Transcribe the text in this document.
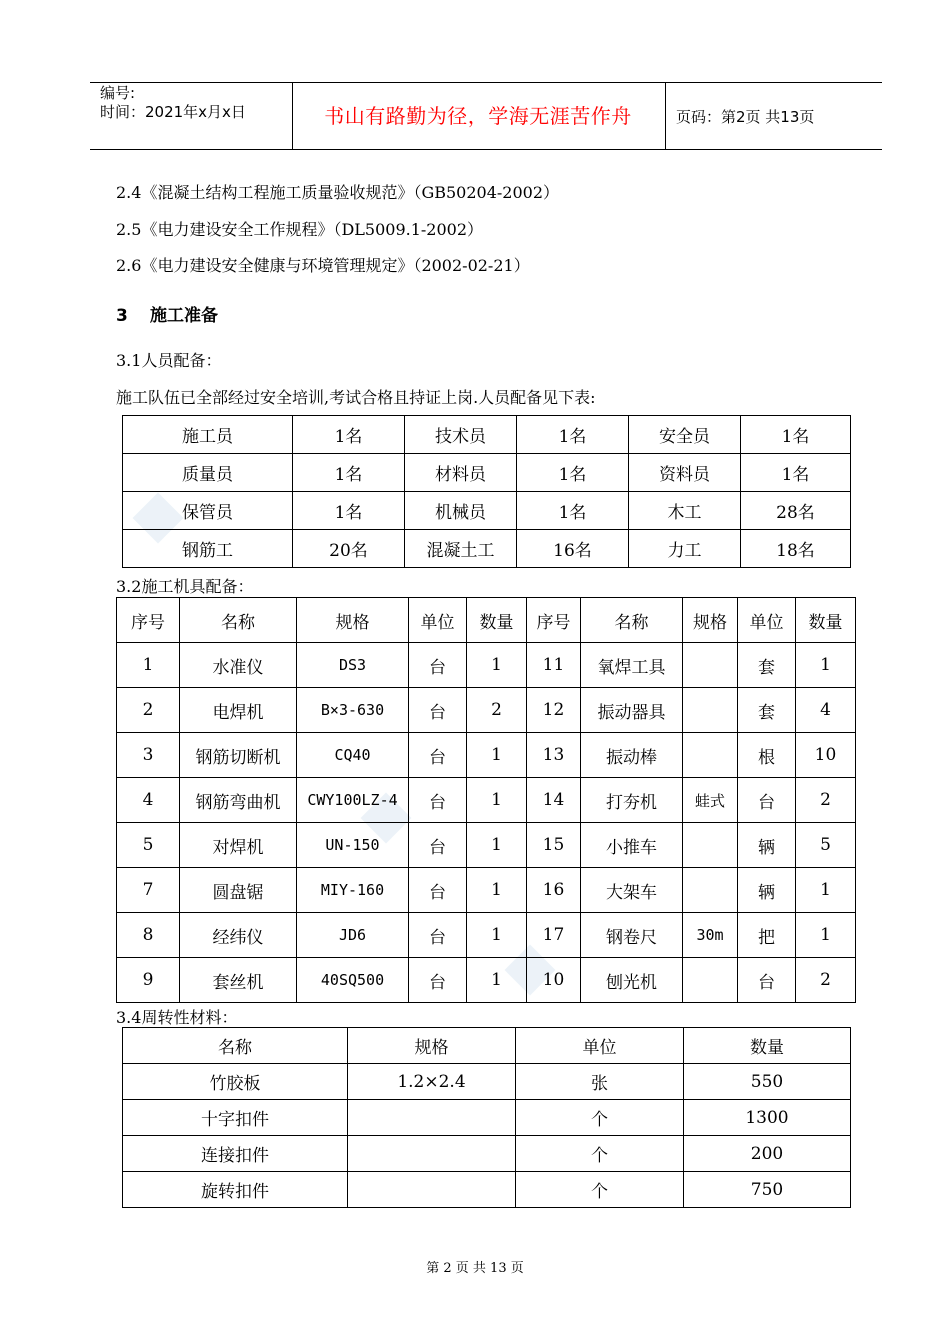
编号:
时间：2021年x月x日	书山有路勤为径，学海无涯苦作舟	页码：第2页 共13页
2.4《混凝土结构工程施工质量验收规范》（GB50204-2002）
2.5《电力建设安全工作规程》（DL5009.1-2002）
2.6《电力建设安全健康与环境管理规定》（2002-02-21）
3 施工准备
3.1人员配备：
施工队伍已全部经过安全培训,考试合格且持证上岗.人员配备见下表:
施工员	1名	技术员	1名	安全员	1名
质量员	1名	材料员	1名	资料员	1名
保管员	1名	机械员	1名	木工	28名
钢筋工	20名	混凝土工	16名	力工	18名
3.2施工机具配备：
序号	名称	规格	单位	数量	序号	名称	规格	单位	数量
1	水准仪	DS3	台	1	11	氧焊工具		套	1
2	电焊机	B×3-630	台	2	12	振动器具		套	4
3	钢筋切断机	CQ40	台	1	13	振动棒		根	10
4	钢筋弯曲机	CWY100LZ-4	台	1	14	打夯机	蛙式	台	2
5	对焊机	UN-150	台	1	15	小推车		辆	5
7	圆盘锯	MIY-160	台	1	16	大架车		辆	1
8	经纬仪	JD6	台	1	17	钢卷尺	30m	把	1
9	套丝机	40SQ500	台	1	10	刨光机		台	2
3.4周转性材料：
名称	规格	单位	数量
竹胶板	1.2×2.4	张	550
十字扣件		个	1300
连接扣件		个	200
旋转扣件		个	750
第 2 页 共 13 页
